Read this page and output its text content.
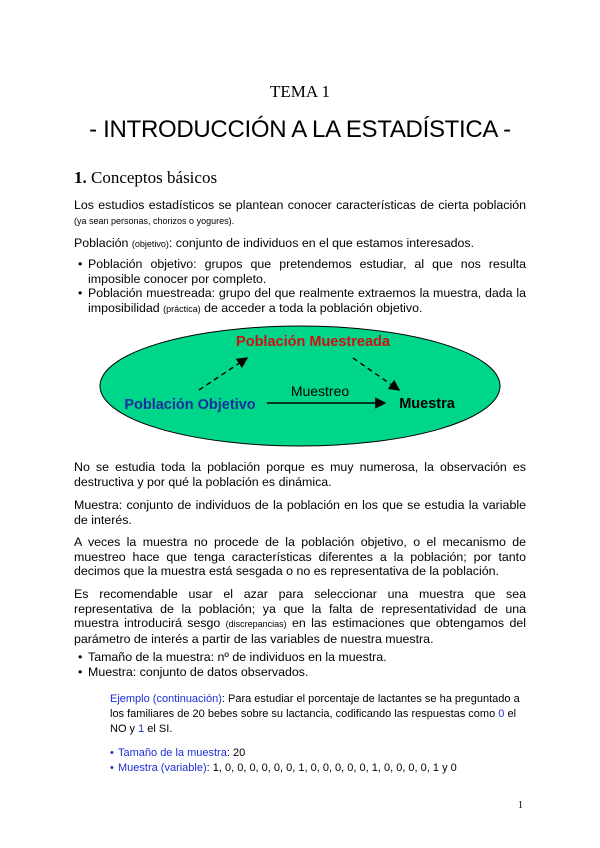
TEMA 1
- INTRODUCCIÓN A LA ESTADÍSTICA -
1. Conceptos básicos
Los estudios estadísticos se plantean conocer características de cierta población (ya sean personas, chorizos o yogures).
Población (objetivo): conjunto de individuos en el que estamos interesados.
• Población objetivo: grupos que pretendemos estudiar, al que nos resulta imposible conocer por completo.
• Población muestreada: grupo del que realmente extraemos la muestra, dada la imposibilidad (práctica) de acceder a toda la población objetivo.
Población Muestreada
Población Objetivo
Muestreo
Muestra
No se estudia toda la población porque es muy numerosa, la observación es destructiva y por qué la población es dinámica.
Muestra: conjunto de individuos de la población en los que se estudia la variable de interés.
A veces la muestra no procede de la población objetivo, o el mecanismo de muestreo hace que tenga características diferentes a la población; por tanto decimos que la muestra está sesgada o no es representativa de la población.
Es recomendable usar el azar para seleccionar una muestra que sea representativa de la población; ya que la falta de representatividad de una muestra introducirá sesgo (discrepancias) en las estimaciones que obtengamos del parámetro de interés a partir de las variables de nuestra muestra.
• Tamaño de la muestra: nº de individuos en la muestra.
• Muestra: conjunto de datos observados.
Ejemplo (continuación): Para estudiar el porcentaje de lactantes se ha preguntado a los familiares de 20 bebes sobre su lactancia, codificando las respuestas como 0 el NO y 1 el SI.
• Tamaño de la muestra: 20
• Muestra (variable): 1, 0, 0, 0, 0, 0, 0, 1, 0, 0, 0, 0, 0, 1, 0, 0, 0, 0, 1 y 0
1
